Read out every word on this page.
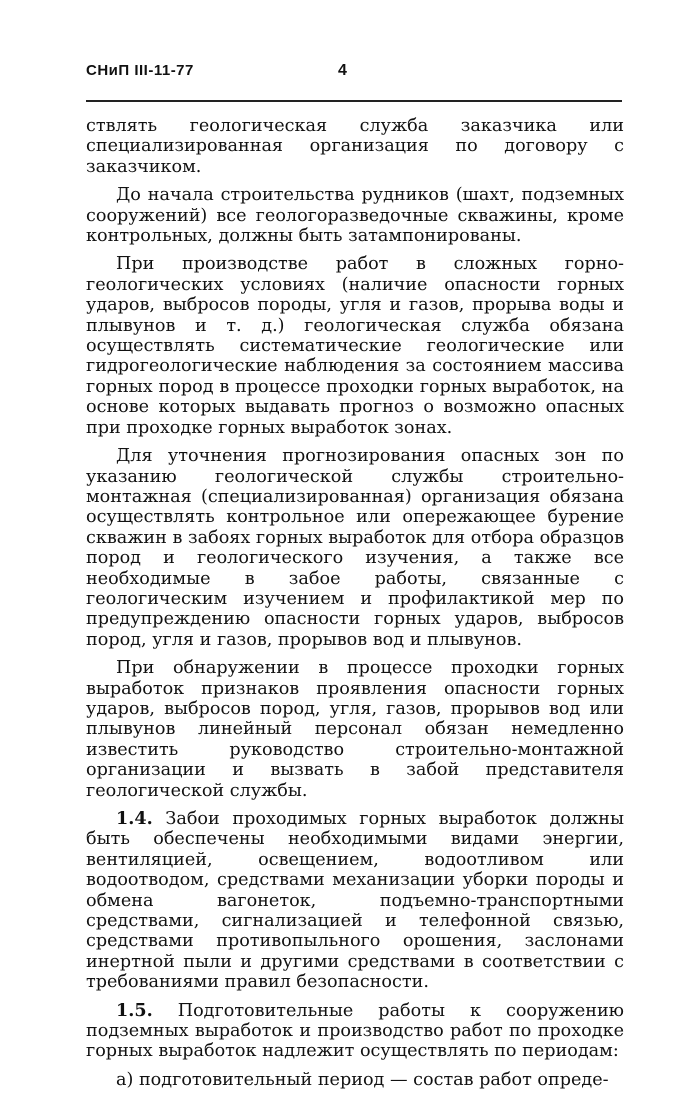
СНиП III-11-77	4

ствлять геологическая служба заказчика или специализированная организация по договору с заказчиком.

До начала строительства рудников (шахт, подземных сооружений) все геологоразведочные скважины, кроме контрольных, должны быть затампонированы.

При производстве работ в сложных горно-геологических условиях (наличие опасности горных ударов, выбросов породы, угля и газов, прорыва воды и плывунов и т. д.) геологическая служба обязана осуществлять систематические геологические или гидрогеологические наблюдения за состоянием массива горных пород в процессе проходки горных выработок, на основе которых выдавать прогноз о возможно опасных при проходке горных выработок зонах.

Для уточнения прогнозирования опасных зон по указанию геологической службы строительно-монтажная (специализированная) организация обязана осуществлять контрольное или опережающее бурение скважин в забоях горных выработок для отбора образцов пород и геологического изучения, а также все необходимые в забое работы, связанные с геологическим изучением и профилактикой мер по предупреждению опасности горных ударов, выбросов пород, угля и газов, прорывов вод и плывунов.

При обнаружении в процессе проходки горных выработок признаков проявления опасности горных ударов, выбросов пород, угля, газов, прорывов вод или плывунов линейный персонал обязан немедленно известить руководство строительно-монтажной организации и вызвать в забой представителя геологической службы.

1.4. Забои проходимых горных выработок должны быть обеспечены необходимыми видами энергии, вентиляцией, освещением, водоотливом или водоотводом, средствами механизации уборки породы и обмена вагонеток, подъемно-транспортными средствами, сигнализацией и телефонной связью, средствами противопыльного орошения, заслонами инертной пыли и другими средствами в соответствии с требованиями правил безопасности.

1.5. Подготовительные работы к сооружению подземных выработок и производство работ по проходке горных выработок надлежит осуществлять по периодам:

а) подготовительный период — состав работ опреде-
